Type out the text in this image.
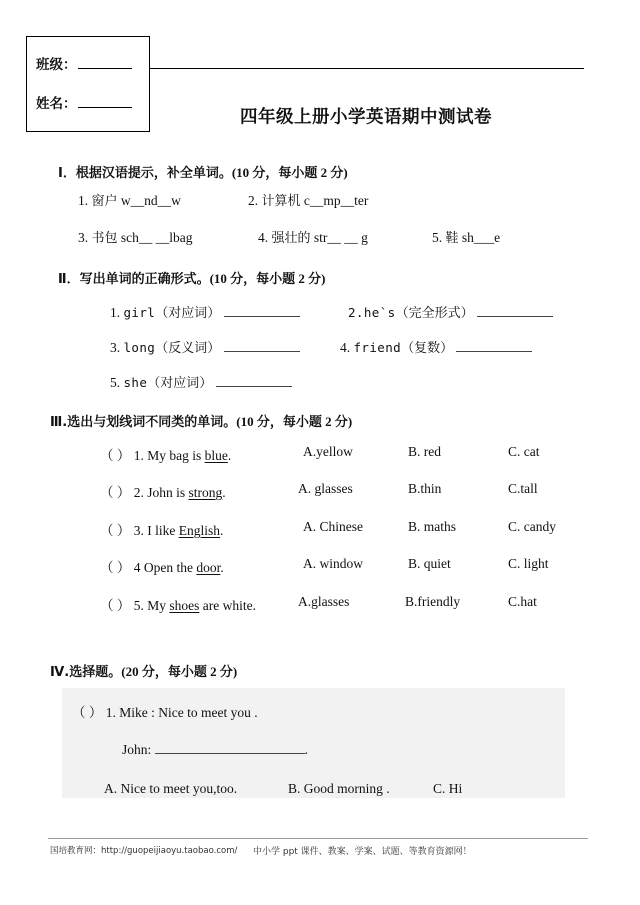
班级：
姓名：
四年级上册小学英语期中测试卷
Ⅰ．根据汉语提示，补全单词。(10 分，每小题 2 分)
1. 窗户 w__nd__w	2. 计算机 c__mp__ter
3. 书包 sch__ __lbag	4. 强壮的 str__ __ g	5. 鞋 sh___e
Ⅱ．写出单词的正确形式。(10 分，每小题 2 分)
1. girl（对应词）	2.he`s（完全形式）
3. long（反义词）	4. friend（复数）
5. she（对应词）
Ⅲ.选出与划线词不同类的单词。(10 分，每小题 2 分)
（ ） 1. My bag is blue.	A.yellow	B. red	C. cat
（ ） 2. John is strong.	A. glasses	B.thin	C.tall
（ ） 3. I like English.	A. Chinese	B. maths	C. candy
（ ） 4 Open the door.	A. window	B. quiet	C. light
（ ） 5. My shoes are white.	A.glasses	B.friendly	C.hat
Ⅳ.选择题。(20 分，每小题 2 分)
（ ） 1. Mike : Nice to meet you .
John:	.
A. Nice to meet you,too.	B. Good morning .	C. Hi
国培教育网：http://guopeijiaoyu.taobao.com/ 中小学 ppt 课件、教案、学案、试题、等教育资源网！
